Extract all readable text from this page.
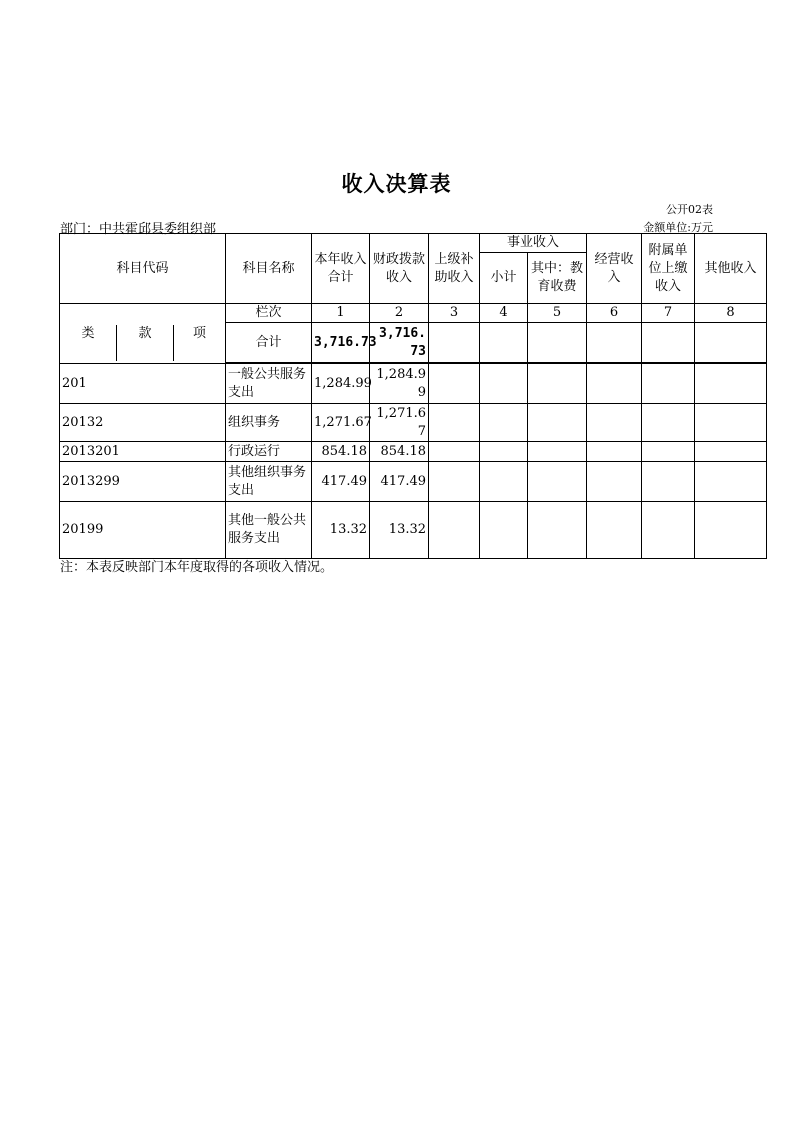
收入决算表
公开02表
部门：中共霍邱县委组织部	金额单位:万元
科目代码	科目名称	本年收入合计	财政拨款收入	上级补助收入	事业收入		经营收入	附属单位上缴收入	其他收入
					小计	其中：教育收费			

类 款 项	栏次	1	2	3	4	5	6	7	8
	合计	3,716.73	3,716.73						

201	一般公共服务支出	1,284.99	1,284.99						
20132	组织事务	1,271.67	1,271.67						
2013201	行政运行	854.18	854.18						
2013299	其他组织事务支出	417.49	417.49						
20199	其他一般公共服务支出	13.32	13.32						
注：本表反映部门本年度取得的各项收入情况。
